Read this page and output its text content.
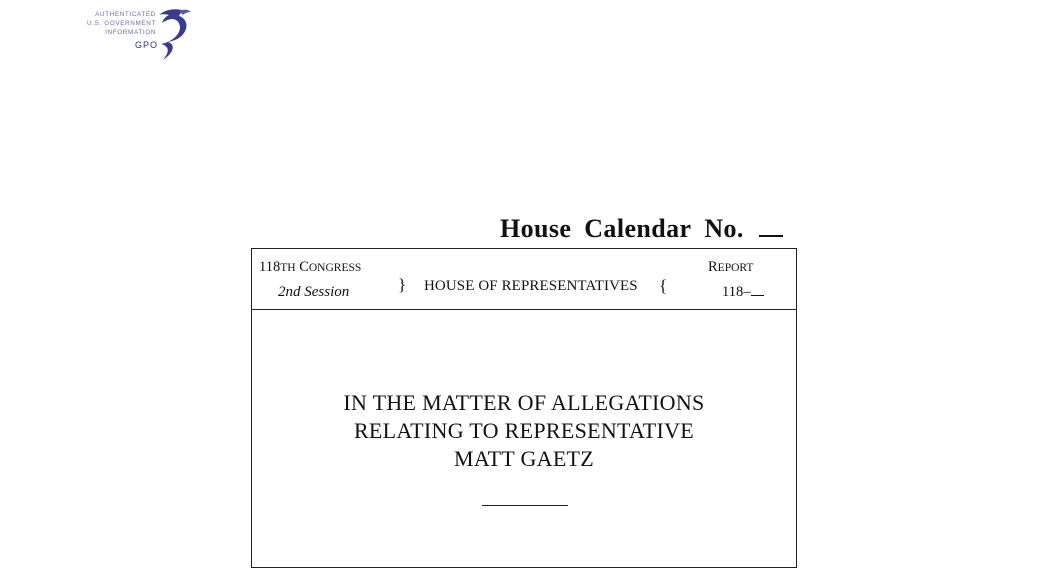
AUTHENTICATED
U.S. GOVERNMENT
INFORMATION
GPO
House Calendar No.
118TH CONGRESS
2nd Session	} HOUSE OF REPRESENTATIVES {
REPORT
118–
IN THE MATTER OF ALLEGATIONS
RELATING TO REPRESENTATIVE
MATT GAETZ
